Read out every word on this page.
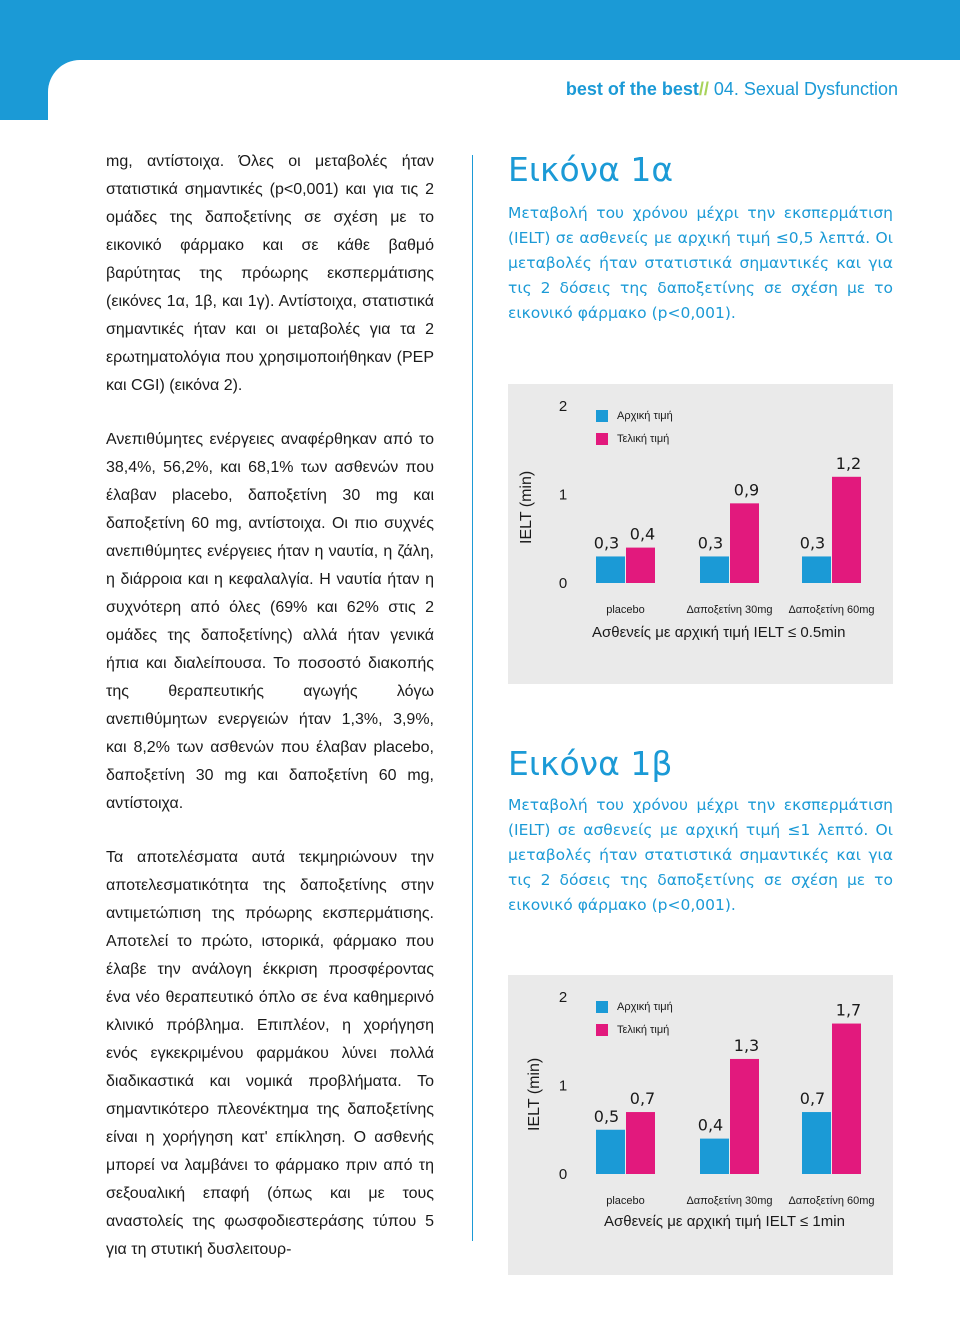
best of the best// 04. Sexual Dysfunction

mg, αντίστοιχα. Όλες οι μεταβολές ήταν στατιστικά σημαντικές (p<0,001) και για τις 2 ομάδες της δαποξετίνης σε σχέση με το εικονικό φάρμακο και σε κάθε βαθμό βαρύτητας της πρόωρης εκσπερμάτισης (εικόνες 1α, 1β, και 1γ). Αντίστοιχα, στατιστικά σημαντικές ήταν και οι μεταβολές για τα 2 ερωτηματολόγια που χρησιμοποιήθηκαν (PEP και CGI) (εικόνα 2).

Ανεπιθύμητες ενέργειες αναφέρθηκαν από το 38,4%, 56,2%, και 68,1% των ασθενών που έλαβαν placebo, δαποξετίνη 30 mg και δαποξετίνη 60 mg, αντίστοιχα. Οι πιο συχνές ανεπιθύμητες ενέργειες ήταν η ναυτία, η ζάλη, η διάρροια και η κεφαλαλγία. Η ναυτία ήταν η συχνότερη από όλες (69% και 62% στις 2 ομάδες της δαποξετίνης) αλλά ήταν γενικά ήπια και διαλείπουσα. Το ποσοστό διακοπής της θεραπευτικής αγωγής λόγω ανεπιθύμητων ενεργειών ήταν 1,3%, 3,9%, και 8,2% των ασθενών που έλαβαν placebo, δαποξετίνη 30 mg και δαποξετίνη 60 mg, αντίστοιχα.

Τα αποτελέσματα αυτά τεκμηριώνουν την αποτελεσματικότητα της δαποξετίνης στην αντιμετώπιση της πρόωρης εκσπερμάτισης. Αποτελεί το πρώτο, ιστορικά, φάρμακο που έλαβε την ανάλογη έκκριση προσφέροντας ένα νέο θεραπευτικό όπλο σε ένα καθημερινό κλινικό πρόβλημα. Επιπλέον, η χορήγηση ενός εγκεκριμένου φαρμάκου λύνει πολλά διαδικαστικά και νομικά προβλήματα. Το σημαντικότερο πλεονέκτημα της δαποξετίνης είναι η χορήγηση κατ' επίκληση. Ο ασθενής μπορεί να λαμβάνει το φάρμακο πριν από τη σεξουαλική επαφή (όπως και με τους αναστολείς της φωσφοδιεστεράσης τύπου 5 για τη στυτική δυσλειτουρ-

Εικόνα 1α
Μεταβολή του χρόνου μέχρι την εκσπερμάτιση (IELT) σε ασθενείς με αρχική τιμή ≤0,5 λεπτά. Οι μεταβολές ήταν στατιστικά σημαντικές και για τις 2 δόσεις της δαποξετίνης σε σχέση με το εικονικό φάρμακο (p<0,001).
0
1
2
0,3 0,4
placebo
0,3
0,9
Δαποξετίνη 30mg
0,3
1,2
Δαποξετίνη 60mg
Αρχική τιμή
Τελική τιμή
IELT (min)
Ασθενείς με αρχική τιμή IELT ≤ 0.5min
Εικόνα 1β
Μεταβολή του χρόνου μέχρι την εκσπερμάτιση (IELT) σε ασθενείς με αρχική τιμή ≤1 λεπτό. Οι μεταβολές ήταν στατιστικά σημαντικές και για τις 2 δόσεις της δαποξετίνης σε σχέση με το εικονικό φάρμακο (p<0,001).
0
1
2
0,5
0,7
placebo
0,4
1,3
Δαποξετίνη 30mg
0,7
1,7
Δαποξετίνη 60mg
Αρχική τιμή
Τελική τιμή
IELT (min)
Ασθενείς με αρχική τιμή IELT ≤ 1min
